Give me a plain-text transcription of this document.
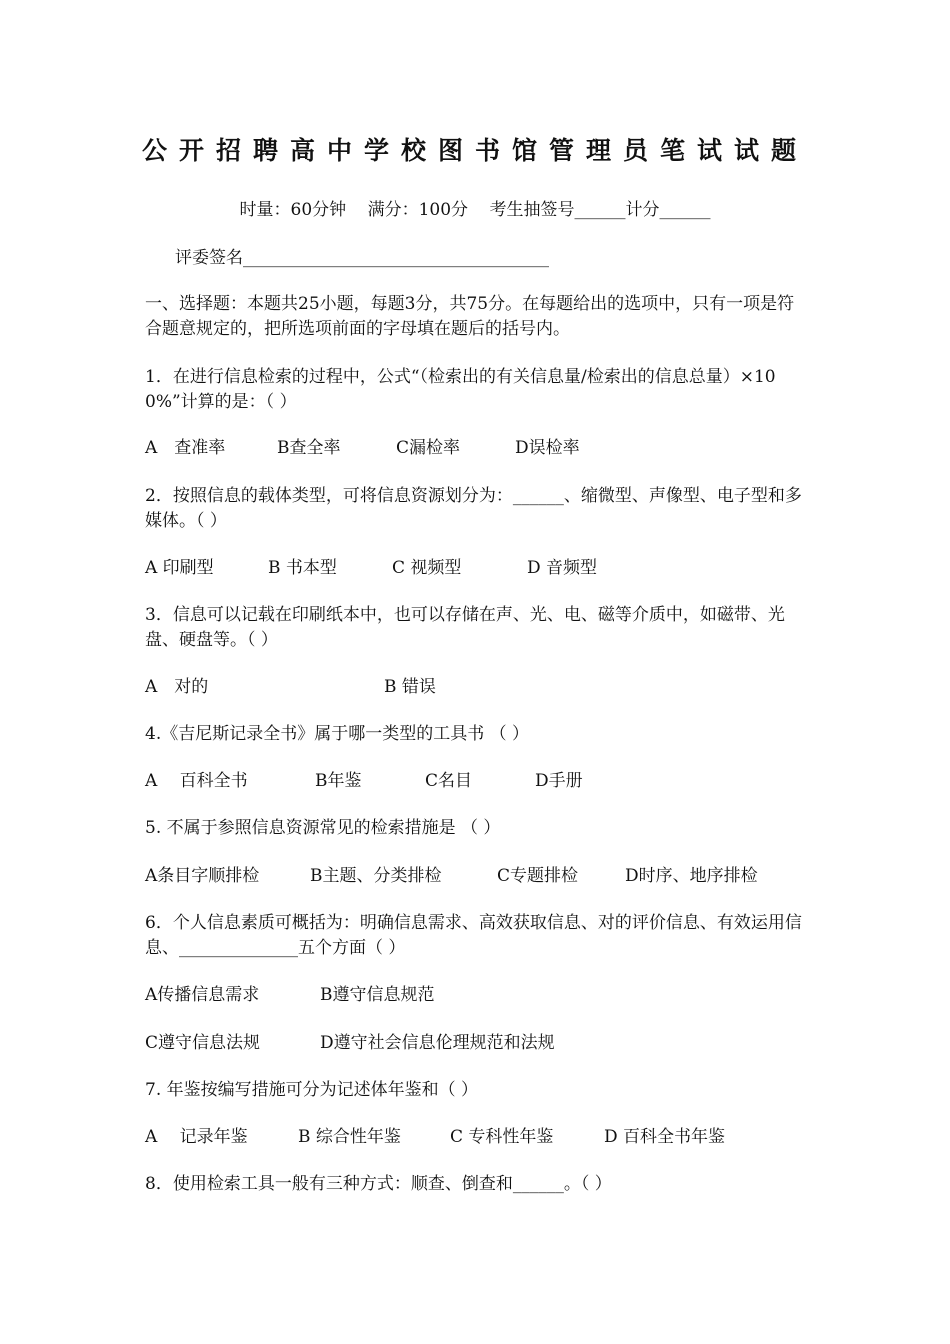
公开招聘高中学校图书馆管理员笔试试题
时量：60分钟 满分：100分 考生抽签号______计分______
评委签名____________________________________
一、选择题：本题共25小题，每题3分，共75分。在每题给出的选项中，只有一项是符合题意规定的，把所选项前面的字母填在题后的括号内。
1．在进行信息检索的过程中，公式“（检索出的有关信息量/检索出的信息总量）×100%”计算的是：（ ）
A　查准率	B查全率	C漏检率	D误检率
2．按照信息的载体类型，可将信息资源划分为：______、缩微型、声像型、电子型和多媒体。（ ）
A 印刷型	B 书本型	C 视频型	D 音频型
3．信息可以记载在印刷纸本中，也可以存储在声、光、电、磁等介质中，如磁带、光盘、硬盘等。（ ）
A　对的	B 错误
4.《吉尼斯记录全书》属于哪一类型的工具书 （ ）
A　 百科全书	B年鉴	C名目	D手册
5. 不属于参照信息资源常见的检索措施是 （ ）
A条目字顺排检	B主题、分类排检	C专题排检	D时序、地序排检
6．个人信息素质可概括为：明确信息需求、高效获取信息、对的评价信息、有效运用信息、______________五个方面（ ）
A传播信息需求	B遵守信息规范
C遵守信息法规	D遵守社会信息伦理规范和法规
7. 年鉴按编写措施可分为记述体年鉴和（ ）
A　 记录年鉴	B 综合性年鉴	C 专科性年鉴	D 百科全书年鉴
8．使用检索工具一般有三种方式：顺查、倒查和______。（ ）
